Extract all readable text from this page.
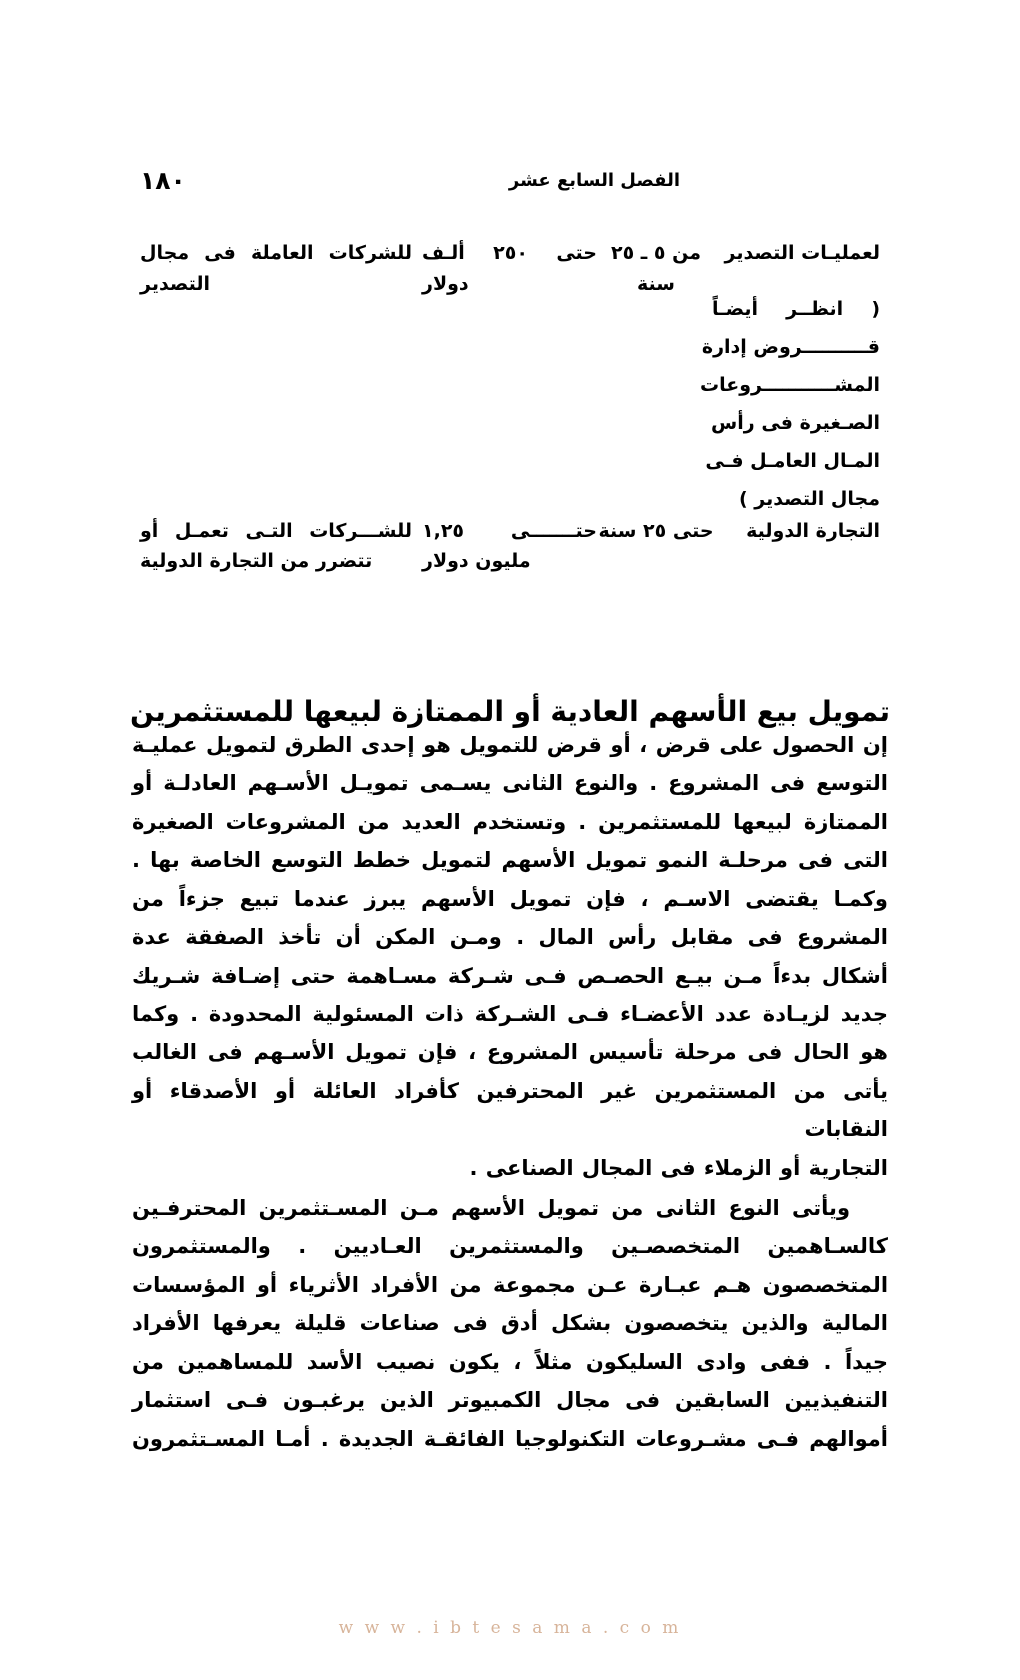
١٨٠	الفصل السابع عشر
لعمليـات التصدير
من ٥ ـ ٢٥ سنة
حتى ٢٥٠ ألـف
دولار
للشركات العاملة فى مجال
التصدير
التجارة الدولية
حتى ٢٥ سنة
حتـــــــى ١,٢٥
مليون دولار
للشـــركات التـى تعمـل أو
تتضرر من التجارة الدولية
( انظــر أيضـاً
قــــــــــروض إدارة
المشـــــــــــروعات
الصـغيرة فى رأس
المـال العامـل فـى
مجال التصدير )
تمويل بيع الأسهم العادية أو الممتازة لبيعها للمستثمرين

إن الحصول على قرض ، أو قرض للتمويل هو إحدى الطرق لتمويل عمليـة التوسع فى المشروع . والنوع الثانى يسـمى تمويـل الأسـهم العادلـة أو الممتازة لبيعها للمستثمرين . وتستخدم العديد من المشروعات الصغيرة التى فى مرحلـة النمو تمويل الأسهم لتمويل خطط التوسع الخاصة بها . وكمـا يقتضى الاسـم ، فإن تمويل الأسهم يبرز عندما تبيع جزءاً من المشروع فى مقابل رأس المال . ومـن المكن أن تأخذ الصفقة عدة أشكال بدءاً مـن بيـع الحصـص فـى شـركة مسـاهمة حتى إضـافة شـريك جديد لزيـادة عدد الأعضـاء فـى الشـركة ذات المسئولية المحدودة . وكما هو الحال فى مرحلة تأسيس المشروع ، فإن تمويل الأسـهم فى الغالب يأتى من المستثمرين غير المحترفين كأفراد العائلة أو الأصدقاء أو النقابات
التجارية أو الزملاء فى المجال الصناعى .

ويأتى النوع الثانى من تمويل الأسهم مـن المسـتثمرين المحترفـين كالسـاهمين المتخصصـين والمستثمرين العـاديين . والمستثمرون المتخصصون هـم عبـارة عـن مجموعة من الأفراد الأثرياء أو المؤسسات المالية والذين يتخصصون بشكل أدق فى صناعات قليلة يعرفها الأفراد جيداً . ففى وادى السليكون مثلاً ، يكون نصيب الأسد للمساهمين من التنفيذيين السابقين فى مجال الكمبيوتر الذين يرغبـون فـى استثمار أموالهم فـى مشـروعات التكنولوجيا الفائقـة الجديدة . أمـا المسـتثمرون

w w w . i b t e s a m a . c o m
